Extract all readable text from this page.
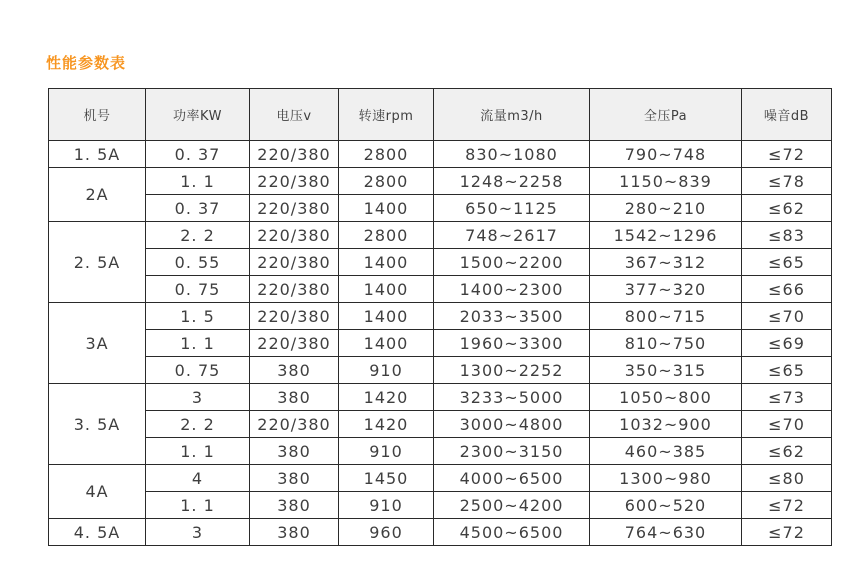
性能参数表
机号	功率KW	电压v	转速rpm	流量m3/h	全压Pa	噪音dB
1. 5A	0. 37	220/380	2800	830~1080	790~748	≤72
2A	1. 1	220/380	2800	1248~2258	1150~839	≤78
	0. 37	220/380	1400	650~1125	280~210	≤62
2. 5A	2. 2	220/380	2800	748~2617	1542~1296	≤83
	0. 55	220/380	1400	1500~2200	367~312	≤65
	0. 75	220/380	1400	1400~2300	377~320	≤66
3A	1. 5	220/380	1400	2033~3500	800~715	≤70
	1. 1	220/380	1400	1960~3300	810~750	≤69
	0. 75	380	910	1300~2252	350~315	≤65
3. 5A	3	380	1420	3233~5000	1050~800	≤73
	2. 2	220/380	1420	3000~4800	1032~900	≤70
	1. 1	380	910	2300~3150	460~385	≤62
4A	4	380	1450	4000~6500	1300~980	≤80
	1. 1	380	910	2500~4200	600~520	≤72
4. 5A	3	380	960	4500~6500	764~630	≤72
